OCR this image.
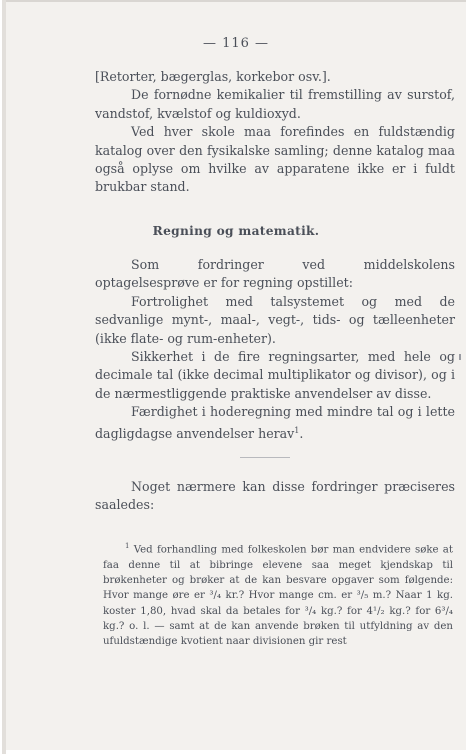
— 116 —

[Retorter, bægerglas, korkebor osv.].

De fornødne kemikalier til fremstilling av surstof, vandstof, kvælstof og kuldioxyd.

Ved hver skole maa forefindes en fuldstændig katalog over den fysikalske samling; denne katalog maa også oplyse om hvilke av apparatene ikke er i fuldt brukbar stand.

Regning og matematik.

Som fordringer ved middelskolens optagelsesprøve er for regning opstillet:

Fortrolighet med talsystemet og med de sedvanlige mynt-, maal-, vegt-, tids- og tælleenheter (ikke flate- og rum-enheter).

Sikkerhet i de fire regningsarter, med hele og decimale tal (ikke decimal multiplikator og divisor), og i de nærmestliggende praktiske anvendelser av disse.

Færdighet i hoderegning med mindre tal og i lette dagligdagse anvendelser herav$^1$.

Noget nærmere kan disse fordringer præciseres saaledes:

$^1$ Ved forhandling med folkeskolen bør man endvidere søke at faa denne til at bibringe elevene saa meget kjendskap til brøkenheter og brøker at de kan besvare opgaver som følgende: Hvor mange øre er ³/₄ kr.? Hvor mange cm. er ³/₅ m.? Naar 1 kg. koster 1,80, hvad skal da betales for ³/₄ kg.? for 4¹/₂ kg.? for 6³/₄ kg.? o. l. — samt at de kan anvende brøken til utfyldning av den ufuldstændige kvotient naar divisionen gir rest
